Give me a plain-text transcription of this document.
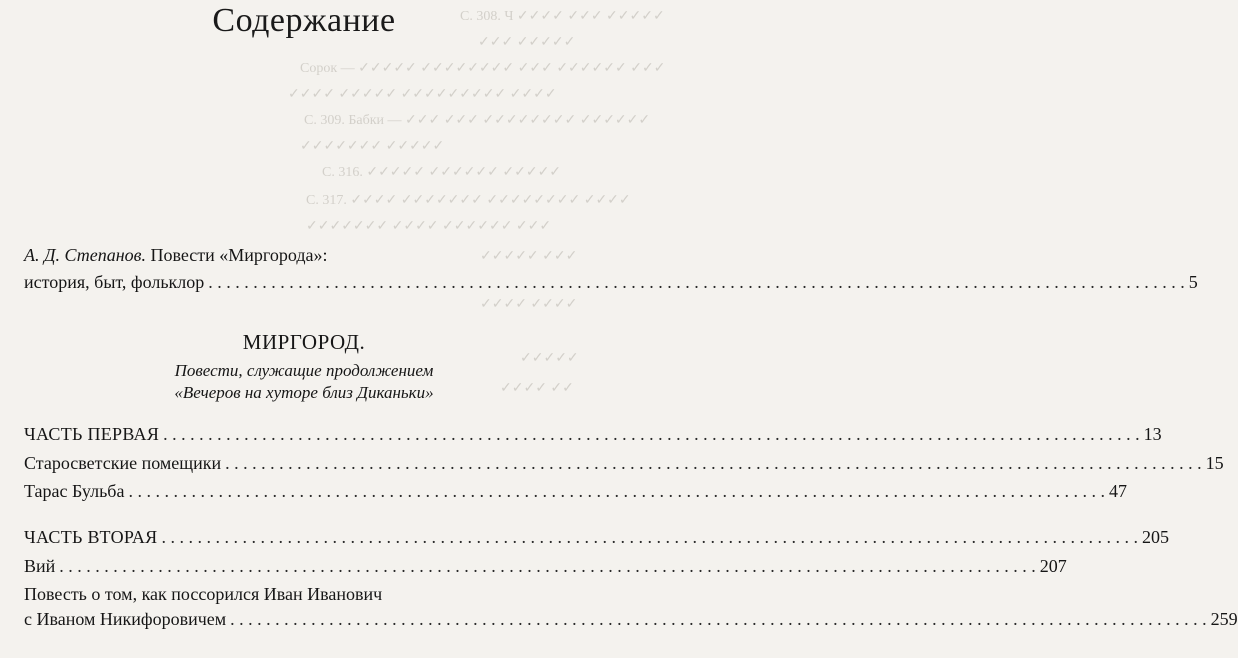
С. 308. Ч ✓✓✓✓ ✓✓✓ ✓✓✓✓✓
✓✓✓ ✓✓✓✓✓
Сорок — ✓✓✓✓✓ ✓✓✓✓✓✓✓✓ ✓✓✓ ✓✓✓✓✓✓ ✓✓✓
✓✓✓✓ ✓✓✓✓✓ ✓✓✓✓✓✓✓✓✓ ✓✓✓✓
С. 309. Бабки — ✓✓✓ ✓✓✓ ✓✓✓✓✓✓✓✓ ✓✓✓✓✓✓
✓✓✓✓✓✓✓ ✓✓✓✓✓
С. 316. ✓✓✓✓✓ ✓✓✓✓✓✓ ✓✓✓✓✓
С. 317. ✓✓✓✓ ✓✓✓✓✓✓✓ ✓✓✓✓✓✓✓✓ ✓✓✓✓
✓✓✓✓✓✓✓ ✓✓✓✓ ✓✓✓✓✓✓ ✓✓✓
✓✓✓✓✓ ✓✓✓
✓✓✓✓ ✓✓✓✓
✓✓✓✓✓
✓✓✓✓ ✓✓
Содержание
А. Д. Степанов. Повести «Миргорода»:
история, быт, фольклор . . .	5
МИРГОРОД.
Повести, служащие продолжением
«Вечеров на хуторе близ Диканьки»
ЧАСТЬ ПЕРВАЯ . . .	13
Старосветские помещики . . .	15
Тарас Бульба . . .	47
ЧАСТЬ ВТОРАЯ . . .	205
Вий . . .	207
Повесть о том, как поссорился Иван Иванович
с Иваном Никифоровичем . . .	259
